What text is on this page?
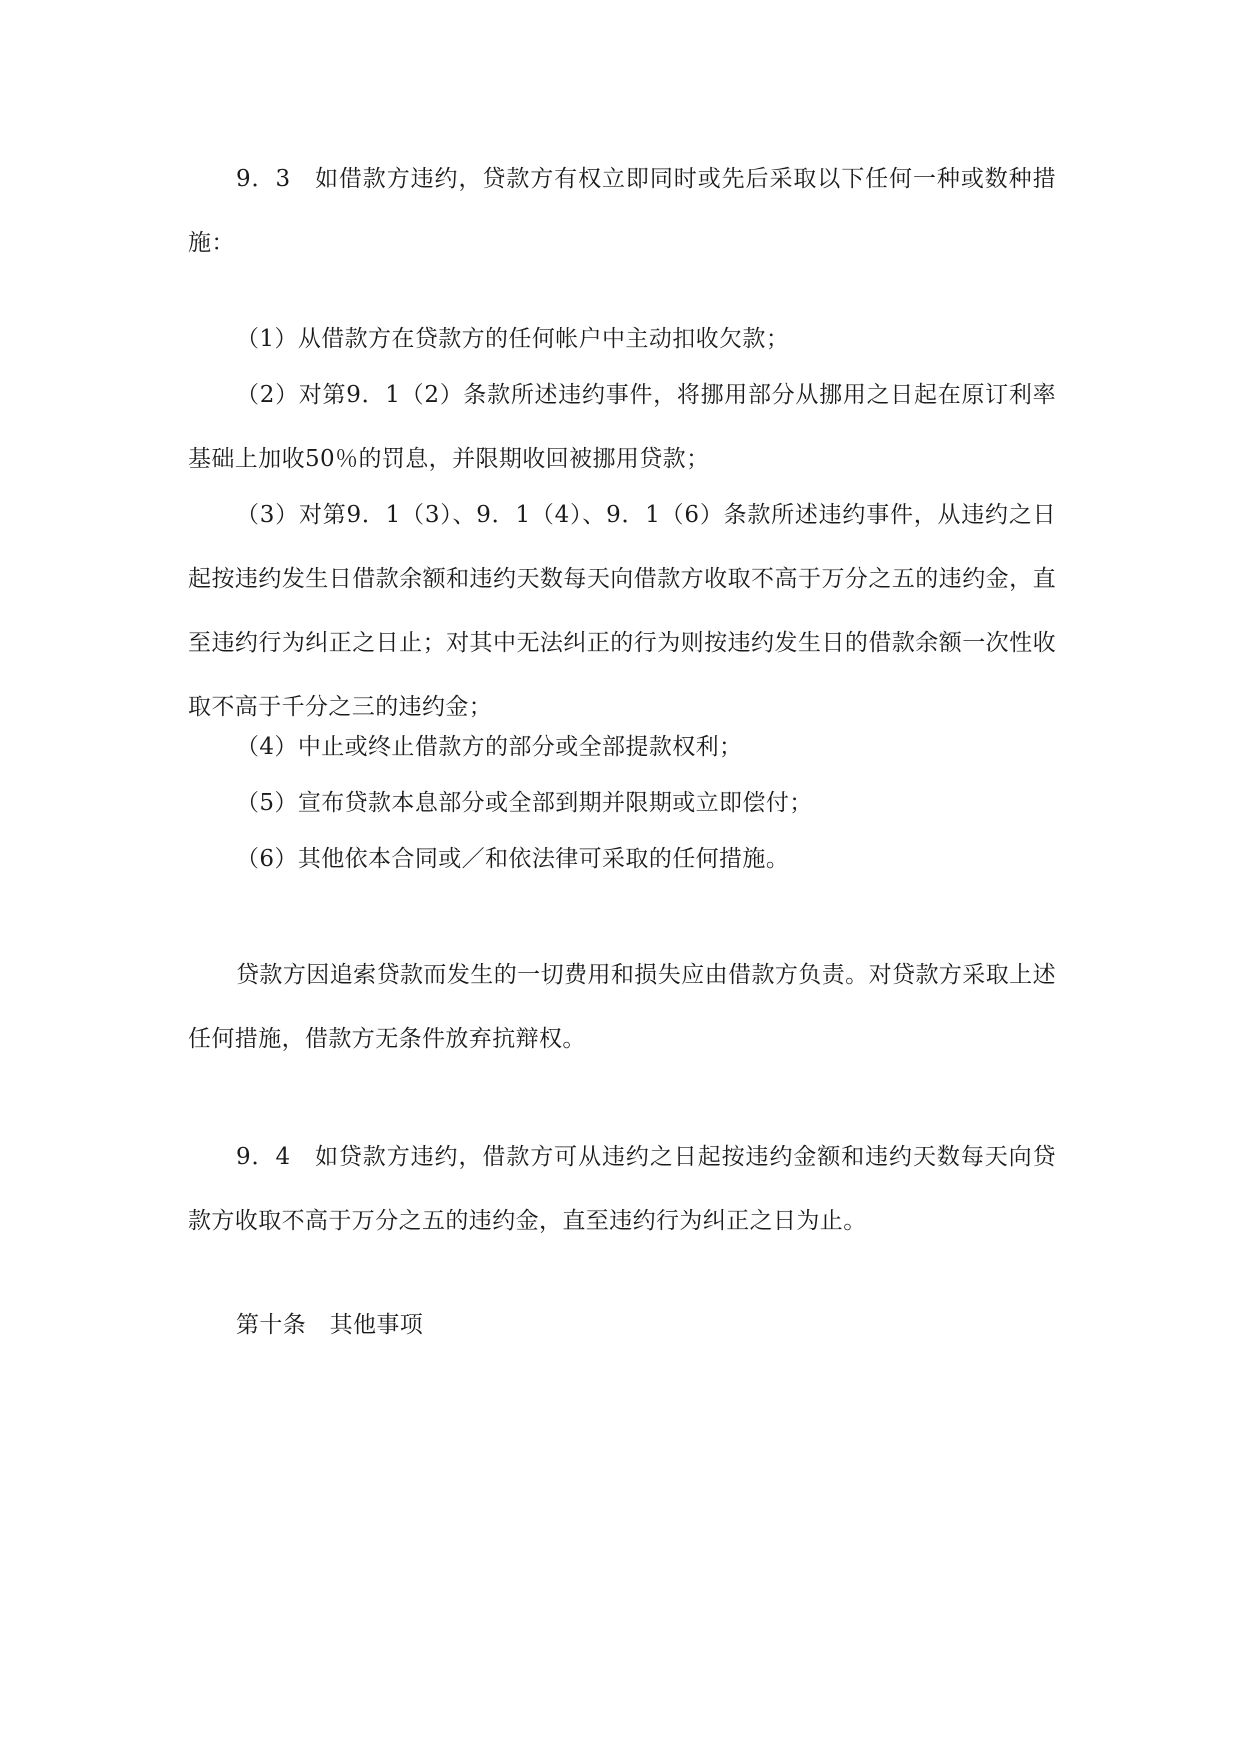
9．3　如借款方违约，贷款方有权立即同时或先后采取以下任何一种或数种措施：

（1）从借款方在贷款方的任何帐户中主动扣收欠款；

（2）对第9．1（2）条款所述违约事件，将挪用部分从挪用之日起在原订利率基础上加收50％的罚息，并限期收回被挪用贷款；

（3）对第9．1（3）、9．1（4）、9．1（6）条款所述违约事件，从违约之日起按违约发生日借款余额和违约天数每天向借款方收取不高于万分之五的违约金，直至违约行为纠正之日止；对其中无法纠正的行为则按违约发生日的借款余额一次性收取不高于千分之三的违约金；

（4）中止或终止借款方的部分或全部提款权利；

（5）宣布贷款本息部分或全部到期并限期或立即偿付；

（6）其他依本合同或／和依法律可采取的任何措施。

贷款方因追索贷款而发生的一切费用和损失应由借款方负责。对贷款方采取上述任何措施，借款方无条件放弃抗辩权。

9．4　如贷款方违约，借款方可从违约之日起按违约金额和违约天数每天向贷款方收取不高于万分之五的违约金，直至违约行为纠正之日为止。

第十条　其他事项
